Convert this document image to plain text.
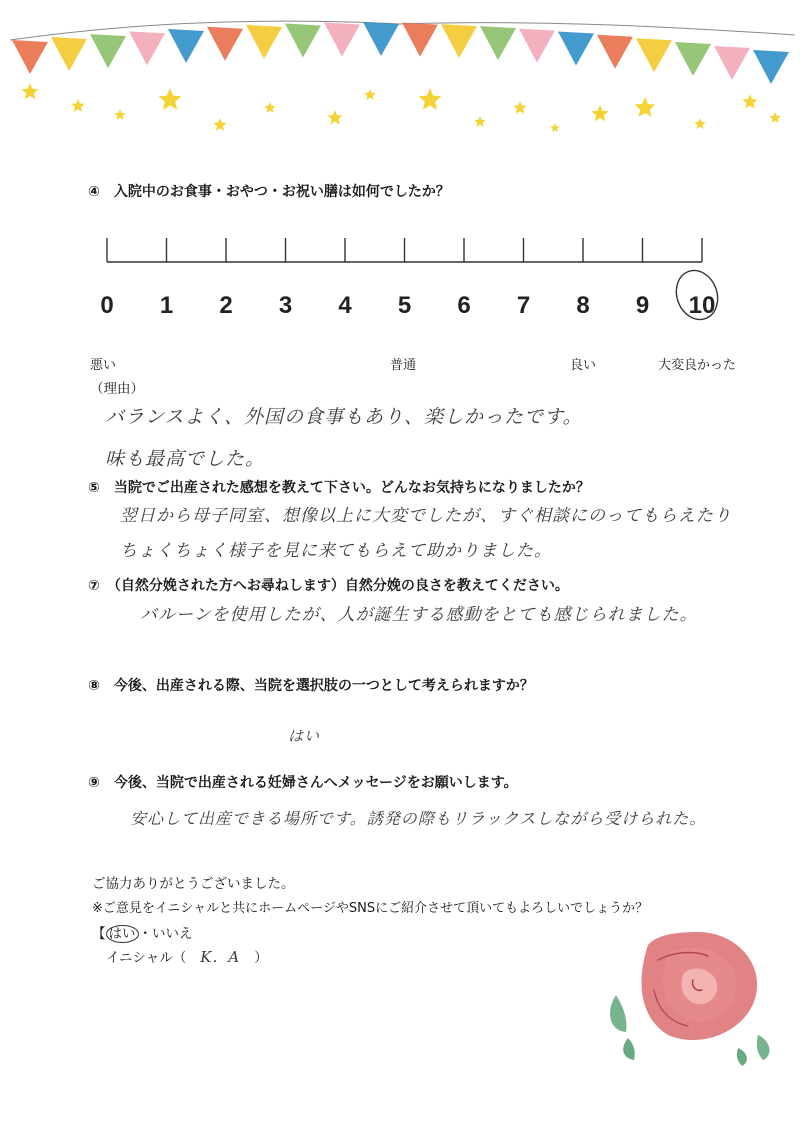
④　入院中のお食事・おやつ・お祝い膳は如何でしたか？
0 1 2 3 4 5 6 7 8 9 10
悪い	普通	良い	大変良かった
（理由）
バランスよく、外国の食事もあり、楽しかったです。
味も最高でした。
⑤　当院でご出産された感想を教えて下さい。どんなお気持ちになりましたか？
翌日から母子同室、想像以上に大変でしたが、すぐ相談にのってもらえたり
ちょくちょく様子を見に来てもらえて助かりました。
⑦　（自然分娩された方へお尋ねします）自然分娩の良さを教えてください。
バルーンを使用したが、人が誕生する感動をとても感じられました。
⑧　今後、出産される際、当院を選択肢の一つとして考えられますか？
はい
⑨　今後、当院で出産される妊婦さんへメッセージをお願いします。
安心して出産できる場所です。誘発の際もリラックスしながら受けられた。
ご協力ありがとうございました。
※ご意見をイニシャルと共にホームページやSNSにご紹介させて頂いてもよろしいでしょうか？
【 はい ・いいえ
イニシャル（ K．A ）
